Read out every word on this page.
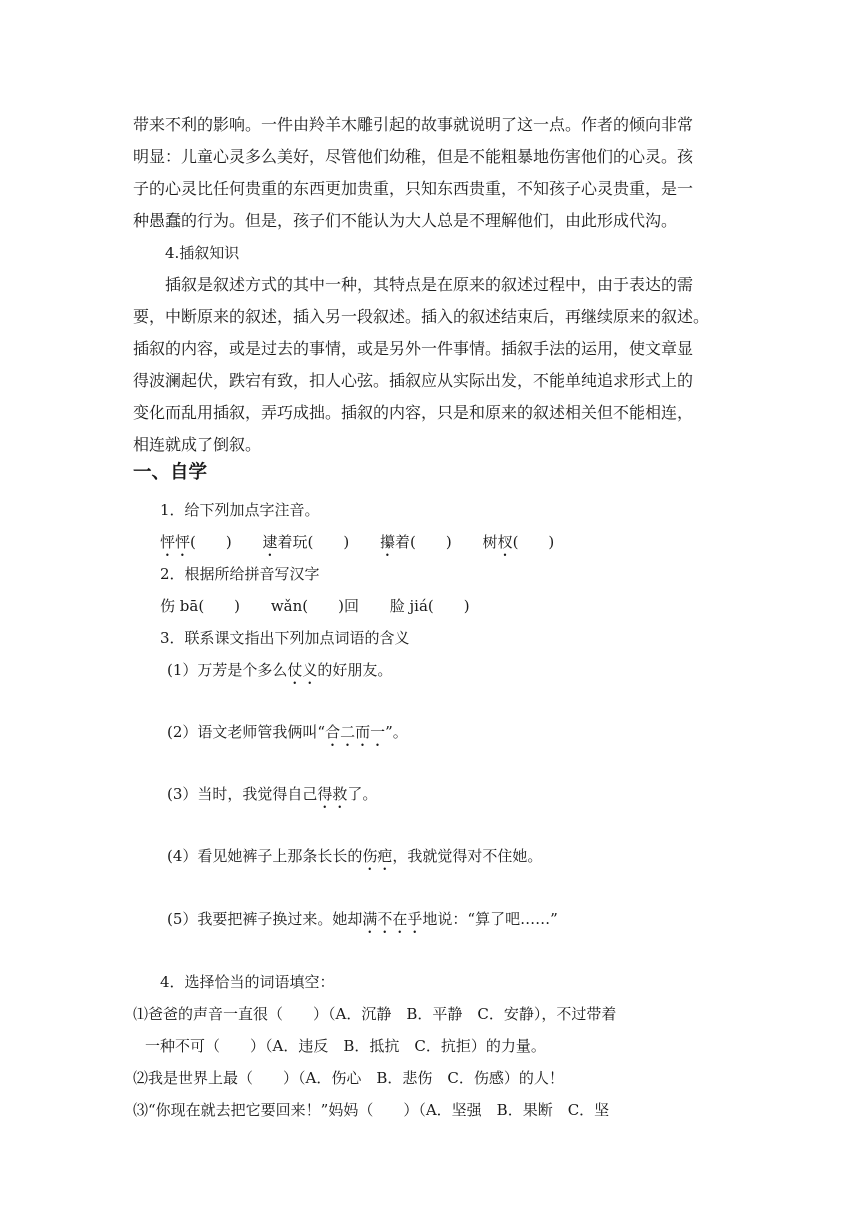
带来不利的影响。一件由羚羊木雕引起的故事就说明了这一点。作者的倾向非常
明显：儿童心灵多么美好，尽管他们幼稚，但是不能粗暴地伤害他们的心灵。孩
子的心灵比任何贵重的东西更加贵重，只知东西贵重，不知孩子心灵贵重，是一
种愚蠢的行为。但是，孩子们不能认为大人总是不理解他们，由此形成代沟。
4.插叙知识
插叙是叙述方式的其中一种，其特点是在原来的叙述过程中，由于表达的需
要，中断原来的叙述，插入另一段叙述。插入的叙述结束后，再继续原来的叙述。
插叙的内容，或是过去的事情，或是另外一件事情。插叙手法的运用，使文章显
得波澜起伏，跌宕有致，扣人心弦。插叙应从实际出发，不能单纯追求形式上的
变化而乱用插叙，弄巧成拙。插叙的内容，只是和原来的叙述相关但不能相连，
相连就成了倒叙。
一、自学
1．给下列加点字注音。
怦怦(　　) 逮着玩(　　) 攥着(　　) 树杈(　　)
2．根据所给拼音写汉字
伤 bā(　　) wǎn(　　)回 脸 jiá(　　)
3．联系课文指出下列加点词语的含义
(1）万芳是个多么仗义的好朋友。
(2）语文老师管我俩叫“合二而一”。
(3）当时，我觉得自己得救了。
(4）看见她裤子上那条长长的伤疤，我就觉得对不住她。
(5）我要把裤子换过来。她却满不在乎地说：“算了吧……”
4．选择恰当的词语填空：
⑴爸爸的声音一直很（　　）（A．沉静　B．平静　C．安静），不过带着
一种不可（　　）（A．违反　B．抵抗　C．抗拒）的力量。
⑵我是世界上最（　　）（A．伤心　B．悲伤　C．伤感）的人！
⑶“你现在就去把它要回来！”妈妈（　　）（A．坚强　B．果断　C．坚
